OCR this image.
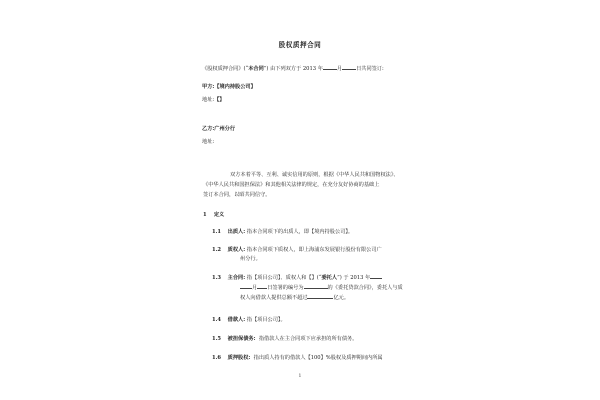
股权质押合同
《股权质押合同》(“本合同”) 由下列双方于 2013 年	月	日共同签订:
甲方:【境内持股公司】
地址:【】
乙方:广州分行
地址:
双方本着平等、互利、诚实信用的原则，根据《中华人民共和国物权法》、
《中华人民共和国担保法》和其他相关法律的规定，在充分友好协商的基础上
签订本合同，以昭共同信守。
1 定义
1.1 出质人: 指本合同项下的出质人，即【境内持股公司】。
1.2 质权人: 指本合同项下质权人，即上海浦东发展银行股份有限公司广
州分行。
1.3 主合同: 指【项目公司】、质权人和【】(“委托人”) 于 2013 年
月 日签署的编号为	的《委托贷款合同》，委托人与质
权人向借款人提供总额不超过	亿元。
1.4 借款人: 指【项目公司】。
1.5 被担保债务: 指借款人在主合同项下应承担的所有债务。
1.6 质押股权: 指出质人持有的借款人【100】%股权及质押期间内所属
1
